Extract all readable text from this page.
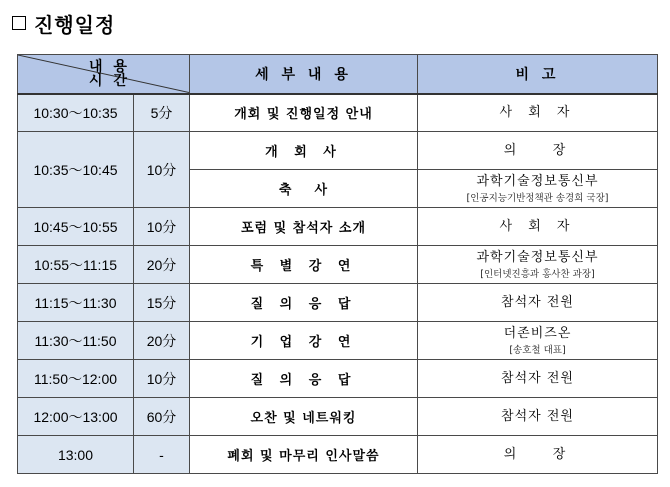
진행일정
내 용
시 간		세 부 내 용	비 고
10:30～10:35	5分	개회 및 진행일정 안내	사 회 자

10:35～10:45	10分	개 회 사	의   장

		축    사	과학기술정보통신부
[인공지능기반정책관 송경희 국장]

10:45～10:55	10分	포럼 및 참석자 소개	사 회 자

10:55～11:15	20分	특 별 강 연	과학기술정보통신부
[인터넷진흥과 홍사찬 과장]

11:15～11:30	15分	질 의 응 답	참석자 전원

11:30～11:50	20分	기 업 강 연	더존비즈온
[송호철 대표]

11:50～12:00	10分	질 의 응 답	참석자 전원

12:00～13:00	60分	오찬 및 네트워킹	참석자 전원

13:00	-	폐회 및 마무리 인사말씀	의   장
